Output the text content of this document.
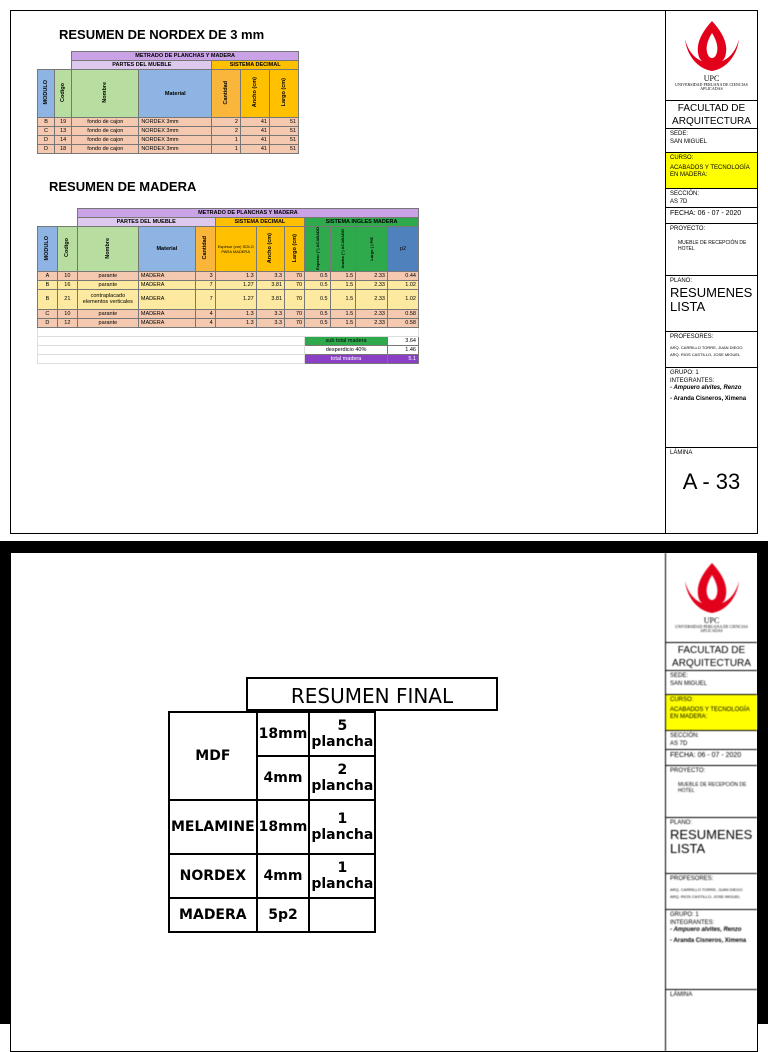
RESUMEN DE NORDEX DE 3 mm
		METRADO DE PLANCHAS Y MADERA				
		PARTES DEL MUEBLE		SISTEMA DECIMAL		
MODULO	Codigo	Nombre	Material	Cantidad	Ancho (cm)	Largo (cm)
B	19	fondo de cajon	NORDEX 3mm	2	41	51
C	13	fondo de cajon	NORDEX 3mm	2	41	51
D	14	fondo de cajon	NORDEX 3mm	1	41	51
D	18	fondo de cajon	NORDEX 3mm	1	41	51
RESUMEN DE MADERA
		METRADO DE PLANCHAS Y MADERA									
		PARTES DEL MUEBLE			SISTEMA DECIMAL			SISTEMA INGLES MADERA			
MODULO	Codigo	Nombre	Material	Cantidad	Espesor (cm) SOLO PARA MADERA	Ancho (cm)	Largo (cm)	Espesor (") ACABADO	Ancho (") ACABADO	Largo ( ) PIE	p2
A	10	parante	MADERA	3	1.3	3.3	70	0.5	1.5	2.33	0.44
B	16	parante	MADERA	7	1.27	3.81	70	0.5	1.5	2.33	1.02
B	21	contraplacado elementos verticales	MADERA	7	1.27	3.81	70	0.5	1.5	2.33	1.02
C	10	parante	MADERA	4	1.3	3.3	70	0.5	1.5	2.33	0.58
D	12	parante	MADERA	4	1.3	3.3	70	0.5	1.5	2.33	0.58

								sub total madera			3.64
								desperdicio 40%			1.46
								total madera			5.1
UPC
UNIVERSIDAD PERUANA DE CIENCIAS APLICADAS
FACULTAD DE ARQUITECTURA
SEDE:
SAN MIGUEL
CURSO:
ACABADOS Y TECNOLOGÍA EN MADERA:
SECCIÓN:
AS 7D
FECHA: 06 - 07 - 2020
PROYECTO:
MUEBLE DE RECEPCIÓN DE HOTEL
PLANO:
RESUMENES LISTA
PROFESORES:
ARQ. CARRILLO TORRE, JUAN DIEGO
ARQ. RIOS CASTILLO, JOSE MIGUEL
GRUPO: 1
INTEGRANTES:
- Ampuero alvites, Renzo
- Aranda Cisneros, Ximena
LÁMINA
A - 33
RESUMEN FINAL
MDF	18mm	5 plancha
	4mm	2 plancha
MELAMINE	18mm	1 plancha
NORDEX	4mm	1 plancha
MADERA	5p2	
UPC
UNIVERSIDAD PERUANA DE CIENCIAS APLICADAS
FACULTAD DE ARQUITECTURA
SEDE:
SAN MIGUEL
CURSO:
ACABADOS Y TECNOLOGÍA EN MADERA:
SECCIÓN:
AS 7D
FECHA: 06 - 07 - 2020
PROYECTO:
MUEBLE DE RECEPCIÓN DE HOTEL
PLANO:
RESUMENES LISTA
PROFESORES:
ARQ. CARRILLO TORRE, JUAN DIEGO
ARQ. RIOS CASTILLO, JOSE MIGUEL
GRUPO: 1
INTEGRANTES:
- Ampuero alvites, Renzo
- Aranda Cisneros, Ximena
LÁMINA
